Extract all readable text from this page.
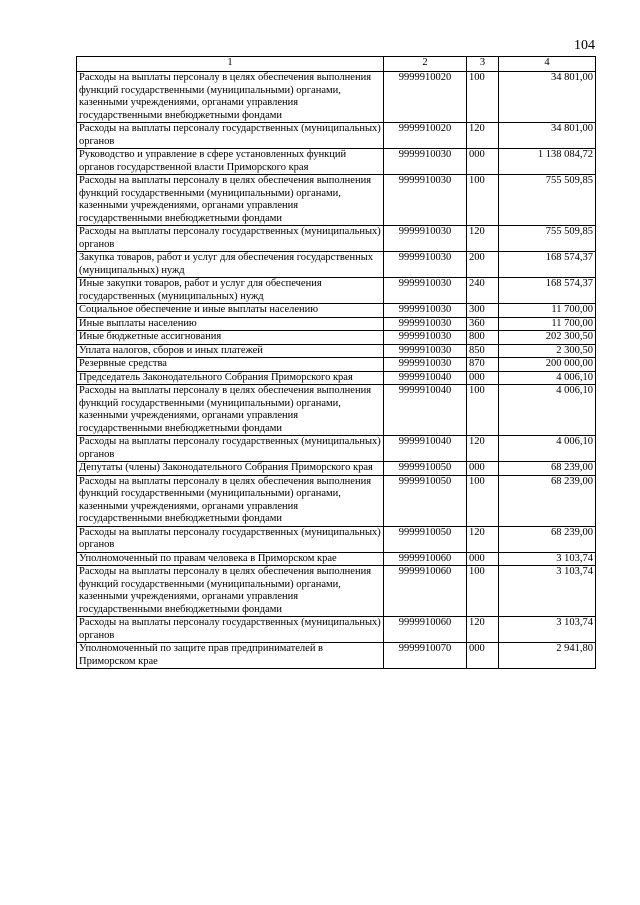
104
1	2	3	4
Расходы на выплаты персоналу в целях обеспечения выполнения функций государственными (муниципальными) органами, казенными учреждениями, органами управления государственными внебюджетными фондами	9999910020	100	34 801,00
Расходы на выплаты персоналу государственных (муниципальных) органов	9999910020	120	34 801,00
Руководство и управление в сфере установленных функций органов государственной власти Приморского края	9999910030	000	1 138 084,72
Расходы на выплаты персоналу в целях обеспечения выполнения функций государственными (муниципальными) органами, казенными учреждениями, органами управления государственными внебюджетными фондами	9999910030	100	755 509,85
Расходы на выплаты персоналу государственных (муниципальных) органов	9999910030	120	755 509,85
Закупка товаров, работ и услуг для обеспечения государственных (муниципальных) нужд	9999910030	200	168 574,37
Иные закупки товаров, работ и услуг для обеспечения государственных (муниципальных) нужд	9999910030	240	168 574,37
Социальное обеспечение и иные выплаты населению	9999910030	300	11 700,00
Иные выплаты населению	9999910030	360	11 700,00
Иные бюджетные ассигнования	9999910030	800	202 300,50
Уплата налогов, сборов и иных платежей	9999910030	850	2 300,50
Резервные средства	9999910030	870	200 000,00
Председатель Законодательного Собрания Приморского края	9999910040	000	4 006,10
Расходы на выплаты персоналу в целях обеспечения выполнения функций государственными (муниципальными) органами, казенными учреждениями, органами управления государственными внебюджетными фондами	9999910040	100	4 006,10
Расходы на выплаты персоналу государственных (муниципальных) органов	9999910040	120	4 006,10
Депутаты (члены) Законодательного Собрания Приморского края	9999910050	000	68 239,00
Расходы на выплаты персоналу в целях обеспечения выполнения функций государственными (муниципальными) органами, казенными учреждениями, органами управления государственными внебюджетными фондами	9999910050	100	68 239,00
Расходы на выплаты персоналу государственных (муниципальных) органов	9999910050	120	68 239,00
Уполномоченный по правам человека в Приморском крае	9999910060	000	3 103,74
Расходы на выплаты персоналу в целях обеспечения выполнения функций государственными (муниципальными) органами, казенными учреждениями, органами управления государственными внебюджетными фондами	9999910060	100	3 103,74
Расходы на выплаты персоналу государственных (муниципальных) органов	9999910060	120	3 103,74
Уполномоченный по защите прав предпринимателей в Приморском крае	9999910070	000	2 941,80
